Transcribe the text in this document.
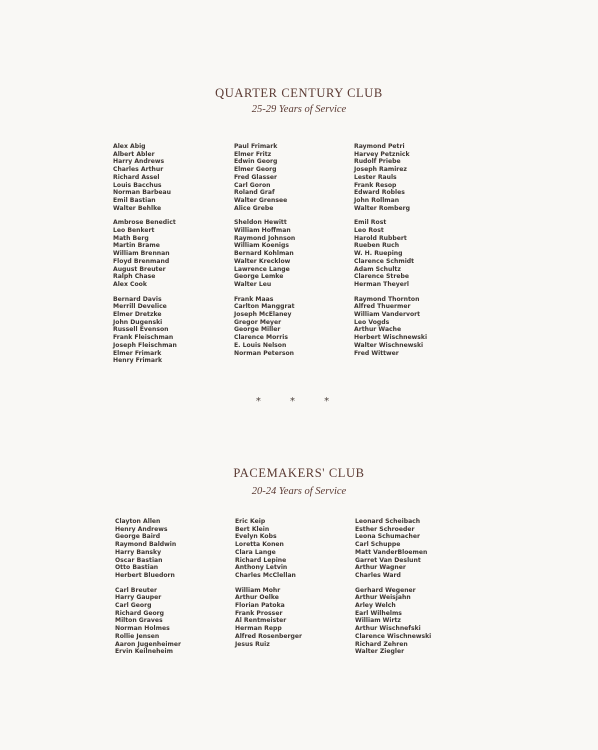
QUARTER CENTURY CLUB
25-29 Years of Service
Alex Abig
Albert Abler
Harry Andrews
Charles Arthur
Richard Assel
Louis Bacchus
Norman Barbeau
Emil Bastian
Walter Behlke
Ambrose Benedict
Leo Benkert
Math Berg
Martin Brame
William Brennan
Floyd Brenmand
August Breuter
Ralph Chase
Alex Cook
Bernard Davis
Merrill Develice
Elmer Dretzke
John Dugenski
Russell Evenson
Frank Fleischman
Joseph Fleischman
Elmer Frimark
Henry Frimark
Paul Frimark
Elmer Fritz
Edwin Georg
Elmer Georg
Fred Glasser
Carl Goron
Roland Graf
Walter Grensee
Alice Grebe
Sheldon Hewitt
William Hoffman
Raymond Johnson
William Koenigs
Bernard Kohlman
Walter Krecklow
Lawrence Lange
George Lemke
Walter Leu
Frank Maas
Carlton Manggrat
Joseph McElaney
Gregor Meyer
George Miller
Clarence Morris
E. Louis Nelson
Norman Peterson
Raymond Petri
Harvey Petznick
Rudolf Priebe
Joseph Ramirez
Lester Rauls
Frank Resop
Edward Robles
John Rollman
Walter Romberg
Emil Rost
Leo Rost
Harold Rubbert
Rueben Ruch
W. H. Rueping
Clarence Schmidt
Adam Schultz
Clarence Strebe
Herman Theyerl
Raymond Thornton
Alfred Thuermer
William Vandervort
Leo Vogds
Arthur Wache
Herbert Wischnewski
Walter Wischnewski
Fred Wittwer
* * *
PACEMAKERS' CLUB
20-24 Years of Service
Clayton Allen
Henry Andrews
George Baird
Raymond Baldwin
Harry Bansky
Oscar Bastian
Otto Bastian
Herbert Bluedorn
Carl Breuter
Harry Gauper
Carl Georg
Richard Georg
Milton Graves
Norman Holmes
Rollie Jensen
Aaron Jugenheimer
Ervin Keilneheim
Eric Keip
Bert Klein
Evelyn Kobs
Loretta Konen
Clara Lange
Richard Lepine
Anthony Letvin
Charles McClellan
William Mohr
Arthur Oelke
Florian Patoka
Frank Prosser
Al Rentmeister
Herman Repp
Alfred Rosenberger
Jesus Ruiz
Leonard Scheibach
Esther Schroeder
Leona Schumacher
Carl Schuppe
Matt VanderBloemen
Garret Van Deslunt
Arthur Wagner
Charles Ward
Gerhard Wegener
Arthur Weisjahn
Arley Welch
Earl Wilhelms
William Wirtz
Arthur Wischnefski
Clarence Wischnewski
Richard Zehren
Walter Ziegler
